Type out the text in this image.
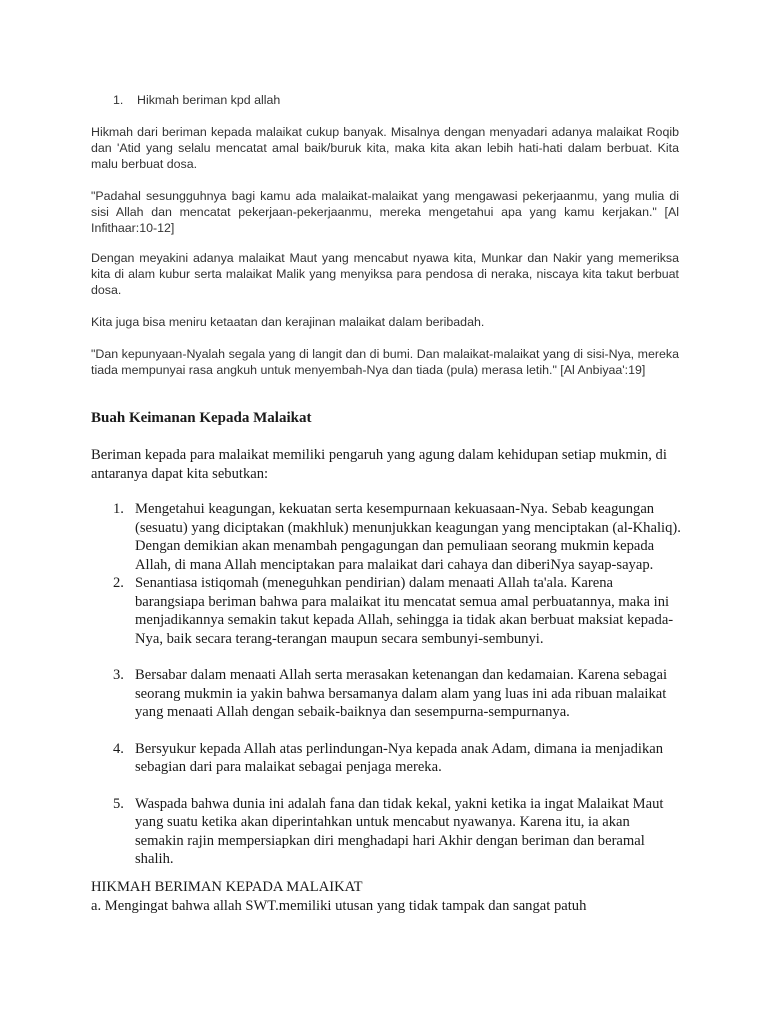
1.	Hikmah beriman kpd allah

Hikmah dari beriman kepada malaikat cukup banyak. Misalnya dengan menyadari adanya malaikat Roqib dan 'Atid yang selalu mencatat amal baik/buruk kita, maka kita akan lebih hati-hati dalam berbuat. Kita malu berbuat dosa.

"Padahal sesungguhnya bagi kamu ada malaikat-malaikat yang mengawasi pekerjaanmu, yang mulia di sisi Allah dan mencatat pekerjaan-pekerjaanmu, mereka mengetahui apa yang kamu kerjakan." [Al Infithaar:10-12]

Dengan meyakini adanya malaikat Maut yang mencabut nyawa kita, Munkar dan Nakir yang memeriksa kita di alam kubur serta malaikat Malik yang menyiksa para pendosa di neraka, niscaya kita takut berbuat dosa.

Kita juga bisa meniru ketaatan dan kerajinan malaikat dalam beribadah.

"Dan kepunyaan-Nyalah segala yang di langit dan di bumi. Dan malaikat-malaikat yang di sisi-Nya, mereka tiada mempunyai rasa angkuh untuk menyembah-Nya dan tiada (pula) merasa letih." [Al Anbiyaa':19]

Buah Keimanan Kepada Malaikat

Beriman kepada para malaikat memiliki pengaruh yang agung dalam kehidupan setiap mukmin, di antaranya dapat kita sebutkan:

1. Mengetahui keagungan, kekuatan serta kesempurnaan kekuasaan-Nya. Sebab keagungan (sesuatu) yang diciptakan (makhluk) menunjukkan keagungan yang menciptakan (al-Khaliq). Dengan demikian akan menambah pengagungan dan pemuliaan seorang mukmin kepada Allah, di mana Allah menciptakan para malaikat dari cahaya dan diberiNya sayap-sayap.
2. Senantiasa istiqomah (meneguhkan pendirian) dalam menaati Allah ta'ala. Karena barangsiapa beriman bahwa para malaikat itu mencatat semua amal perbuatannya, maka ini menjadikannya semakin takut kepada Allah, sehingga ia tidak akan berbuat maksiat kepada-Nya, baik secara terang-terangan maupun secara sembunyi-sembunyi.
3. Bersabar dalam menaati Allah serta merasakan ketenangan dan kedamaian. Karena sebagai seorang mukmin ia yakin bahwa bersamanya dalam alam yang luas ini ada ribuan malaikat yang menaati Allah dengan sebaik-baiknya dan sesempurna-sempurnanya.
4. Bersyukur kepada Allah atas perlindungan-Nya kepada anak Adam, dimana ia menjadikan sebagian dari para malaikat sebagai penjaga mereka.
5. Waspada bahwa dunia ini adalah fana dan tidak kekal, yakni ketika ia ingat Malaikat Maut yang suatu ketika akan diperintahkan untuk mencabut nyawanya. Karena itu, ia akan semakin rajin mempersiapkan diri menghadapi hari Akhir dengan beriman dan beramal shalih.

HIKMAH BERIMAN KEPADA MALAIKAT

a. Mengingat bahwa allah SWT.memiliki utusan yang tidak tampak dan sangat patuh
